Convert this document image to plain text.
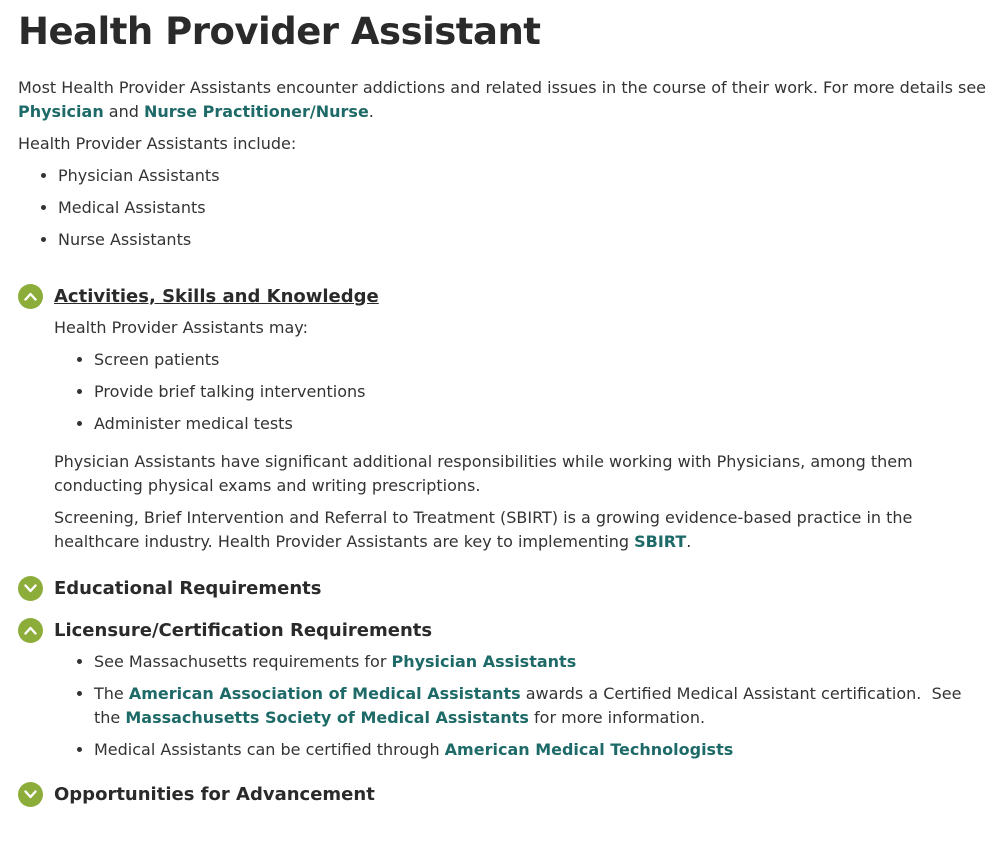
Health Provider Assistant

Most Health Provider Assistants encounter addictions and related issues in the course of their work. For more details see Physician and Nurse Practitioner/Nurse.

Health Provider Assistants include:

• Physician Assistants
• Medical Assistants
• Nurse Assistants
Activities, Skills and Knowledge

Health Provider Assistants may:

• Screen patients
• Provide brief talking interventions
• Administer medical tests

Physician Assistants have significant additional responsibilities while working with Physicians, among them conducting physical exams and writing prescriptions.

Screening, Brief Intervention and Referral to Treatment (SBIRT) is a growing evidence-based practice in the healthcare industry. Health Provider Assistants are key to implementing SBIRT.

Educational Requirements
Licensure/Certification Requirements
• See Massachusetts requirements for Physician Assistants
• The American Association of Medical Assistants awards a Certified Medical Assistant certification.  See the Massachusetts Society of Medical Assistants for more information.
• Medical Assistants can be certified through American Medical Technologists
Opportunities for Advancement
